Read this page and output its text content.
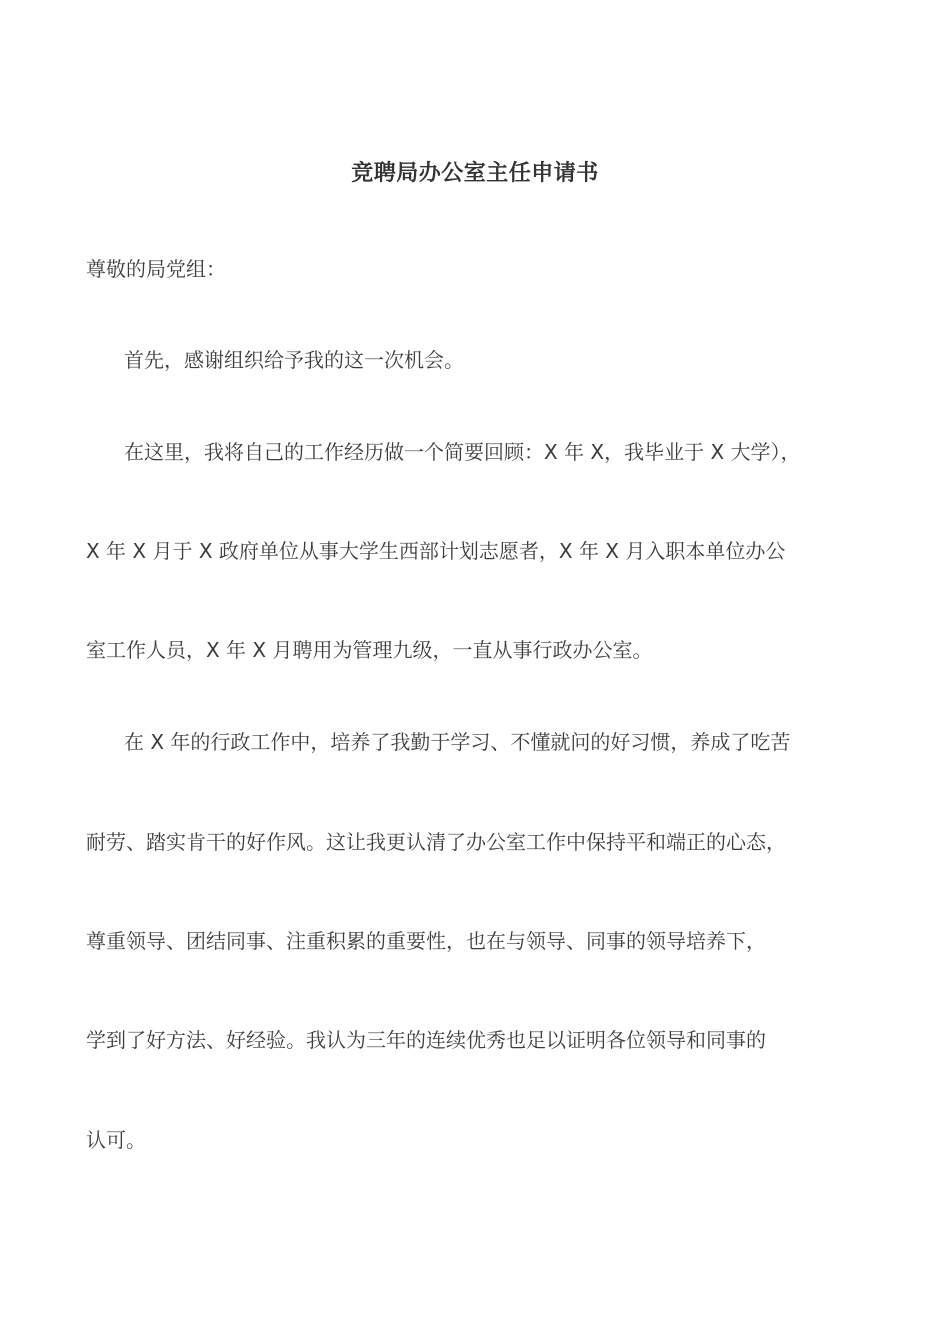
竞聘局办公室主任申请书
尊敬的局党组：
首先，感谢组织给予我的这一次机会。
在这里，我将自己的工作经历做一个简要回顾：X 年 X，我毕业于 X 大学），
X 年 X 月于 X 政府单位从事大学生西部计划志愿者，X 年 X 月入职本单位办公
室工作人员，X 年 X 月聘用为管理九级，一直从事行政办公室。
在 X 年的行政工作中，培养了我勤于学习、不懂就问的好习惯，养成了吃苦
耐劳、踏实肯干的好作风。这让我更认清了办公室工作中保持平和端正的心态，
尊重领导、团结同事、注重积累的重要性，也在与领导、同事的领导培养下，
学到了好方法、好经验。我认为三年的连续优秀也足以证明各位领导和同事的
认可。
